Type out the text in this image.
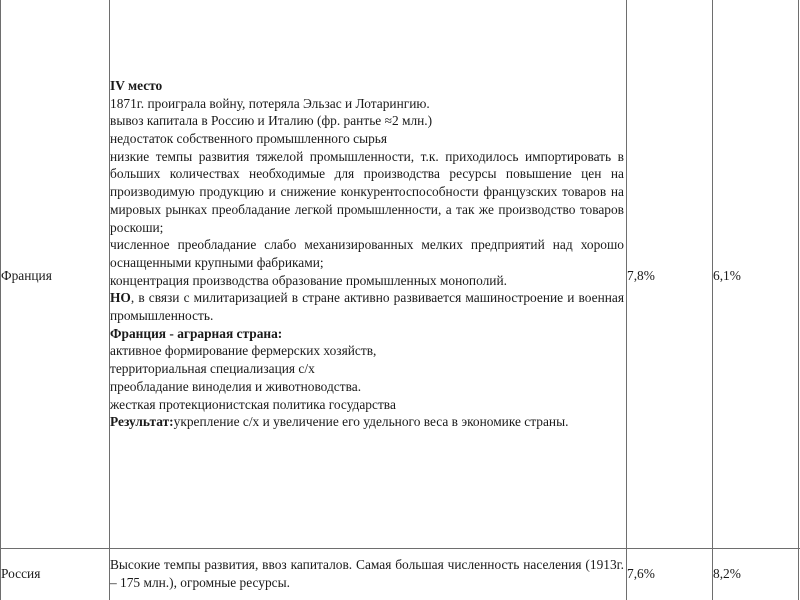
Франция
IV место
1871г. проиграла войну, потеряла Эльзас и Лотарингию.
вывоз капитала в Россию и Италию (фр. рантье ≈2 млн.)
недостаток собственного промышленного сырья
низкие темпы развития тяжелой промышленности, т.к. приходилось импортировать в больших количествах необходимые для производства ресурсы повышение цен на производимую продукцию и снижение конкурентоспособности французских товаров на мировых рынках преобладание легкой промышленности, а так же производство товаров роскоши;
численное преобладание слабо механизированных мелких предприятий над хорошо оснащенными крупными фабриками;
концентрация производства образование промышленных монополий.
НО, в связи с милитаризацией в стране активно развивается машиностроение и военная промышленность.
Франция - аграрная страна:
активное формирование фермерских хозяйств,
территориальная специализация с/х
преобладание виноделия и животноводства.
жесткая протекционистская политика государства
Результат:укрепление с/х и увеличение его удельного веса в экономике страны.
7,8%	6,1%
Россия
Высокие темпы развития, ввоз капиталов. Самая большая численность населения (1913г. – 175 млн.), огромные ресурсы.
7,6%	8,2%
